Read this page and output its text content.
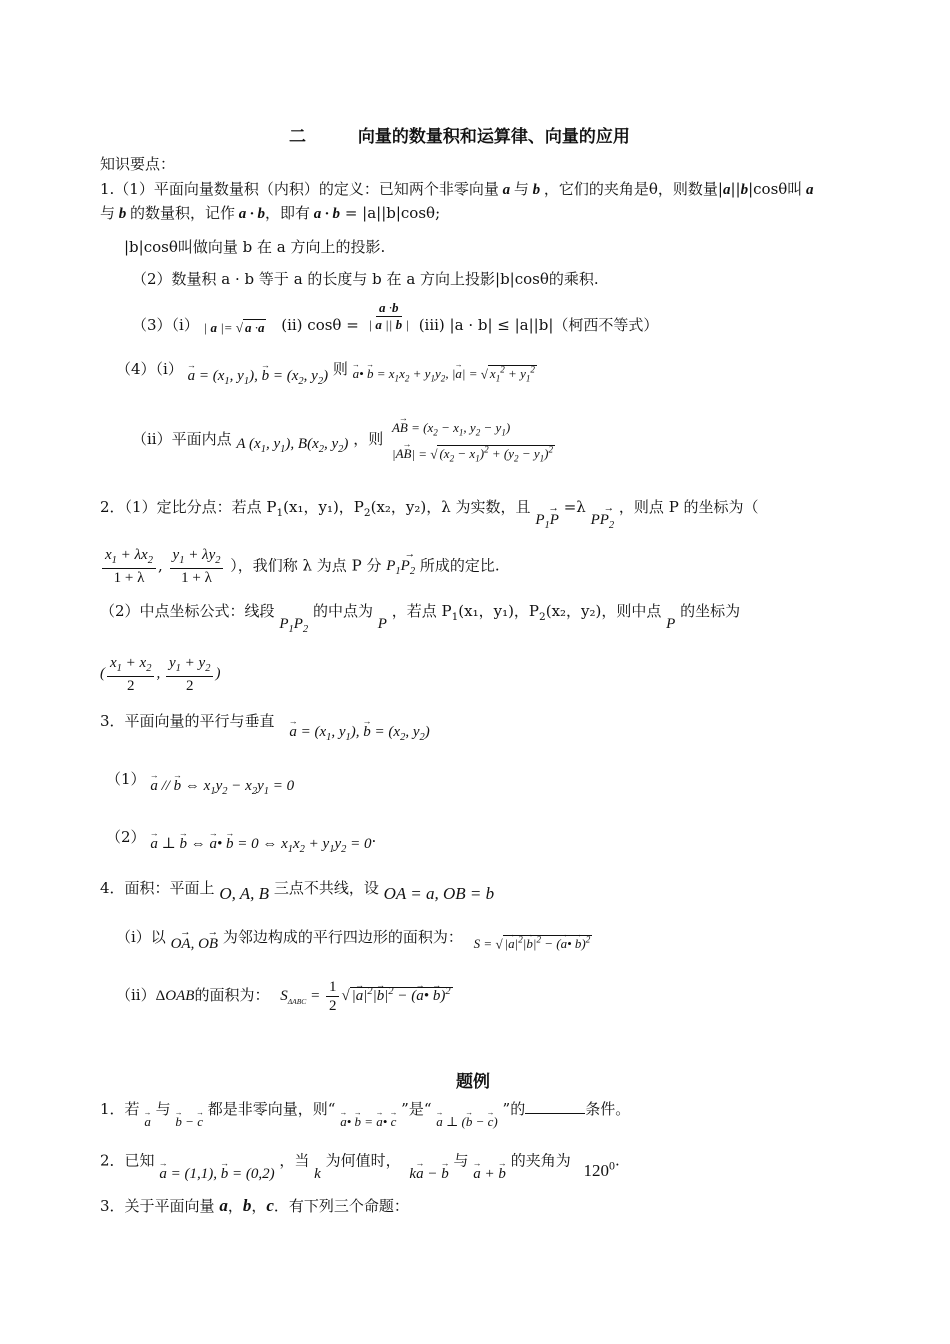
二	向量的数量积和运算律、向量的应用
知识要点：
1.（1）平面向量数量积（内积）的定义：已知两个非零向量 a 与 b ，它们的夹角是θ，则数量|a||b|cosθ叫 a
与 b 的数量积，记作 a · b，即有 a · b = |a||b|cosθ;
|b|cosθ叫做向量 b 在 a 方向上的投影.
（2）数量积 a · b 等于 a 的长度与 b 在 a 方向上投影|b|cosθ的乘积.
（3）（i） | a |= √ a ·a (ii) $\cos\theta = \frac{a \cdot b}{| a || b |} (iii) |a \cdot b| \le |a||b|$（柯西不等式）
$(4)(i) \to a = (x_1$, $y_1$), → $b = (x_2$, $y_2$) 则 → a• → $b = x_1x_2 + y_1y_2$, |→ a| = √ $x_1^2 + y_1^2$
（ii）平面内点 A ($x_1$, $y_1$), $B(x_2$, $y_2$) ，则
→ AB = ($x_2 - x_1$, $y_2 - y_1$)
|→ AB| = √ $(x_2 - x_1)^2 + (y_2 - y_1)^2$
2．（1）定比分点：若点 $P_1(x_1$，y₁)，$P_2(x_2$，y₂)，λ 为实数，且 → $P_1P =\lambda \to PP_2$ ，则点 P 的坐标为（
$\frac{x_1 + \lambda x_2}{1 + \lambda}$ , $\frac{y_1 + \lambda y_2}{1 + \lambda}$ ），我们称 λ 为点 P 分 → $P_1P_2$ 所成的定比.
（2）中点坐标公式：线段 $P_1P_2$ 的中点为 P ，若点 $P_1(x_1$，y₁)，$P_2(x_2$，y₂)，则中点 P 的坐标为
( $\frac{x_1 + x_2}{2}$ , $\frac{y_1 + y_2}{2}$ )
3．平面向量的平行与垂直 → $a = (x_1$, $y_1$), → $b = (x_2$, $y_2$)
（1） → a // → b ⇔ $x_1y_2 - x_2y_1 = 0$
（2） → a ⊥ → b ⇔ → a• → b = 0 ⇔ $x_1x_2 + y_1y_2 = 0$.
4．面积：平面上 O, A, B 三点不共线，设 OA = a, OB = b
（i）以 → OA, → OB 为邻边构成的平行四边形的面积为： S = √ |→ $a|^2|\to b|^2$ − (→ a• → b)$^2$
（ii）ΔOAB的面积为： $S_{\Delta ABC} = \frac{1}{2}$ √ |→ $a|^2|\to b|^2$ − (→ a• → b)$^2$
题例
1．若 → a 与 → b − → c 都是非零向量，则“ → a• → b = → a• → c ”是“ → a ⊥ (→ b − → c) ”的	条件。
2．已知 → a = (1,1), → b = (0,2) ，当 k 为何值时， k→ a − → b 与 → a + → b 的夹角为 $120^0$.
3．关于平面向量 a，b，c．有下列三个命题：
